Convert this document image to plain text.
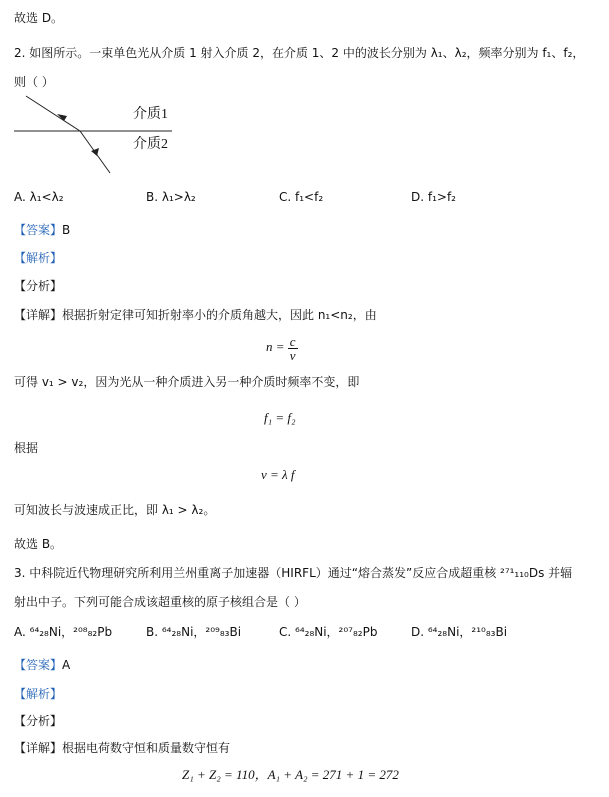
故选 D。
2. 如图所示。一束单色光从介质 1 射入介质 2，在介质 1、2 中的波长分别为 λ₁、λ₂，频率分别为 f₁、f₂，
则（ ）
介质1
介质2
A. λ₁<λ₂	B. λ₁>λ₂	C. f₁<f₂	D. f₁>f₂
【答案】B
【解析】
【分析】
【详解】根据折射定律可知折射率小的介质角越大，因此 n₁<n₂，由
$n = \frac{c}{v}$
可得 v₁ > v₂，因为光从一种介质进入另一种介质时频率不变，即
f₁ = f₂
根据
v = λ f
可知波长与波速成正比，即 λ₁ > λ₂。
故选 B。
3. 中科院近代物理研究所利用兰州重离子加速器（HIRFL）通过“熔合蒸发”反应合成超重核 ²⁷¹₁₁₀Ds 并辐
射出中子。下列可能合成该超重核的原子核组合是（ ）
A. ⁶⁴₂₈Ni，²⁰⁸₈₂Pb	B. ⁶⁴₂₈Ni，²⁰⁹₈₃Bi	C. ⁶⁴₂₈Ni，²⁰⁷₈₂Pb	D. ⁶⁴₂₈Ni，²¹⁰₈₃Bi
【答案】A
【解析】
【分析】
【详解】根据电荷数守恒和质量数守恒有
Z₁ + Z₂ = 110，A₁ + A₂ = 271 + 1 = 272
